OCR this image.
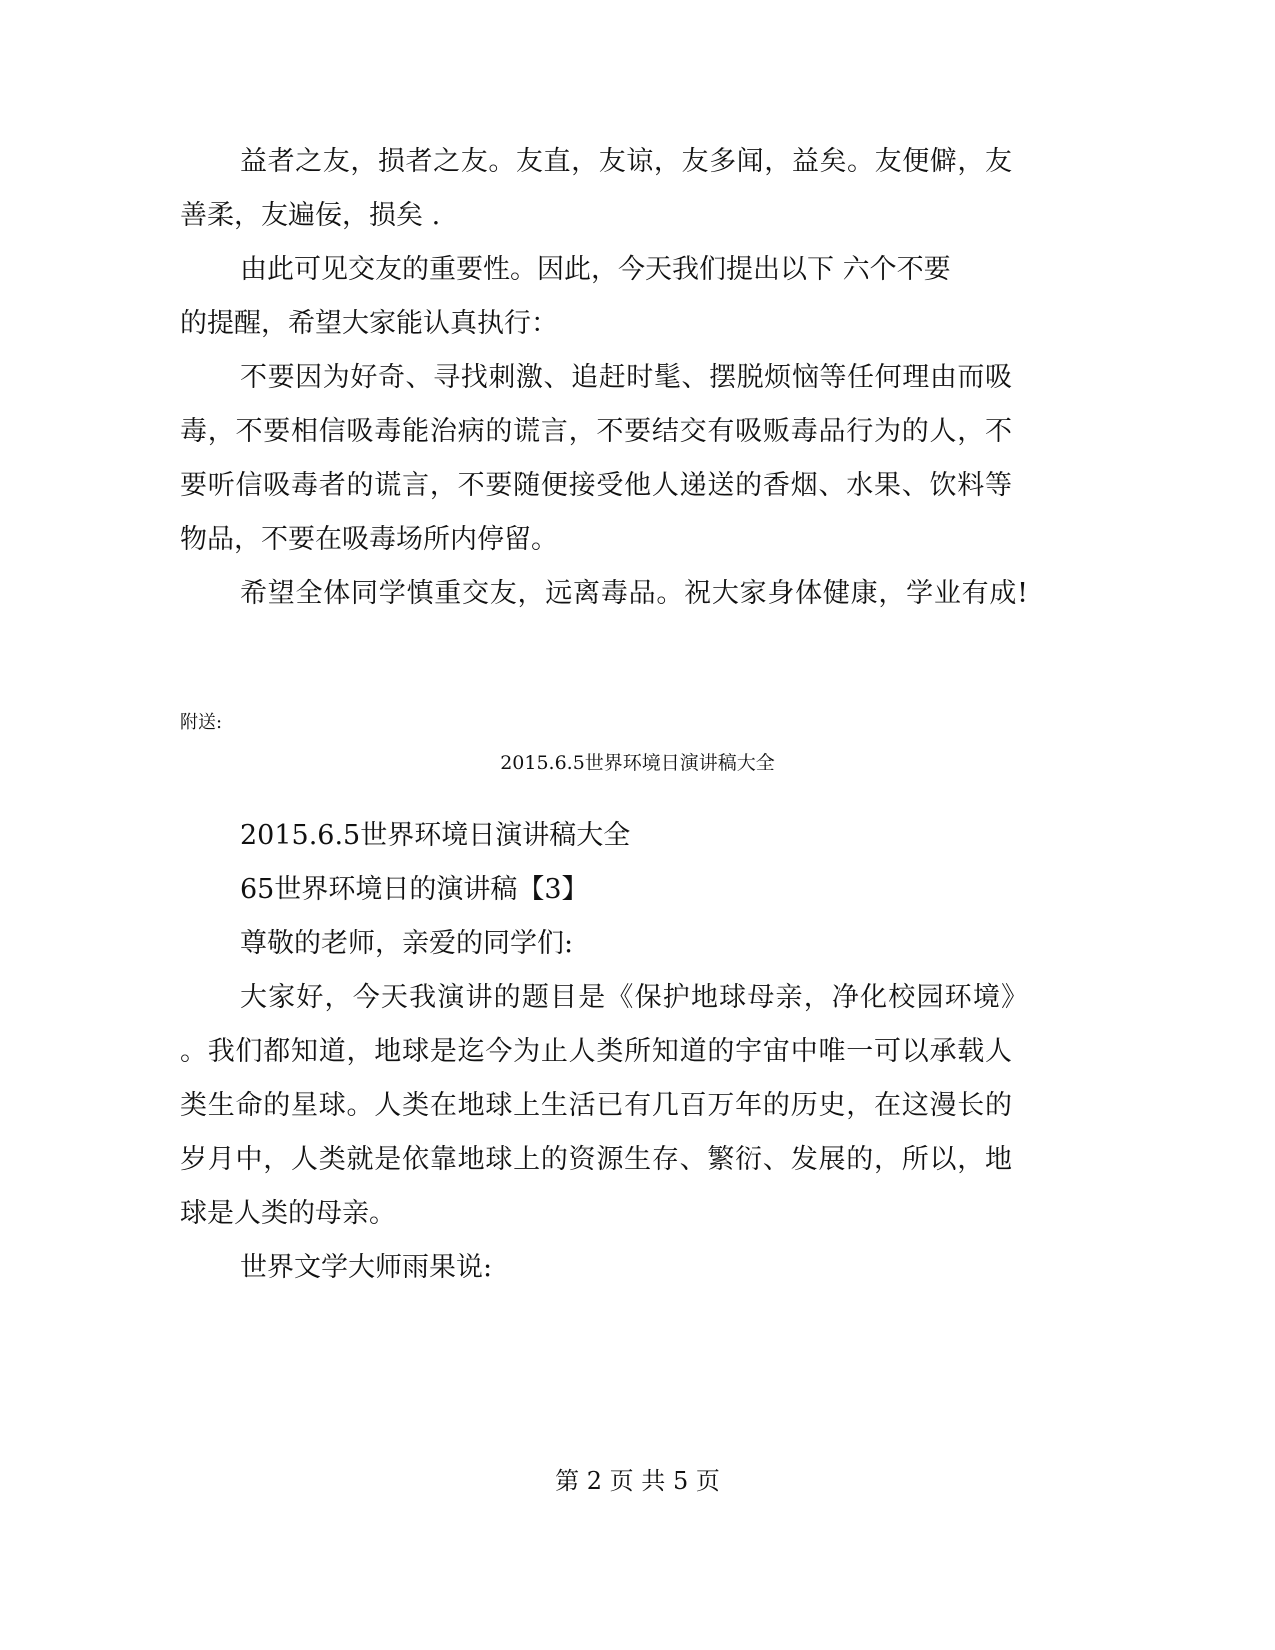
益者之友，损者之友。友直，友谅，友多闻，益矣。友便僻，友
善柔，友遍佞，损矣 .
由此可见交友的重要性。因此，今天我们提出以下 六个不要
的提醒，希望大家能认真执行：
不要因为好奇、寻找刺激、追赶时髦、摆脱烦恼等任何理由而吸
毒，不要相信吸毒能治病的谎言，不要结交有吸贩毒品行为的人，不
要听信吸毒者的谎言，不要随便接受他人递送的香烟、水果、饮料等
物品，不要在吸毒场所内停留。
希望全体同学慎重交友，远离毒品。祝大家身体健康，学业有成!
附送:
2015.6.5世界环境日演讲稿大全
2015.6.5世界环境日演讲稿大全
65世界环境日的演讲稿【3】
尊敬的老师，亲爱的同学们:
大家好，今天我演讲的题目是《保护地球母亲，净化校园环境》
。我们都知道，地球是迄今为止人类所知道的宇宙中唯一可以承载人
类生命的星球。人类在地球上生活已有几百万年的历史，在这漫长的
岁月中，人类就是依靠地球上的资源生存、繁衍、发展的，所以，地
球是人类的母亲。
世界文学大师雨果说:
第 2 页 共 5 页
